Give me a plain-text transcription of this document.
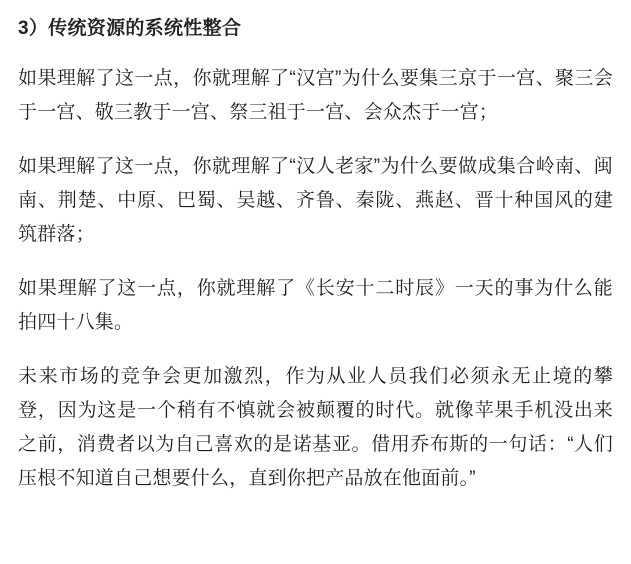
3）传统资源的系统性整合

如果理解了这一点，你就理解了“汉宫”为什么要集三京于一宫、聚三会于一宫、敬三教于一宫、祭三祖于一宫、会众杰于一宫；

如果理解了这一点，你就理解了“汉人老家”为什么要做成集合岭南、闽南、荆楚、中原、巴蜀、吴越、齐鲁、秦陇、燕赵、晋十种国风的建筑群落；

如果理解了这一点，你就理解了《长安十二时辰》一天的事为什么能拍四十八集。

未来市场的竞争会更加激烈，作为从业人员我们必须永无止境的攀登，因为这是一个稍有不慎就会被颠覆的时代。就像苹果手机没出来之前，消费者以为自己喜欢的是诺基亚。借用乔布斯的一句话：“人们压根不知道自己想要什么，直到你把产品放在他面前。”
